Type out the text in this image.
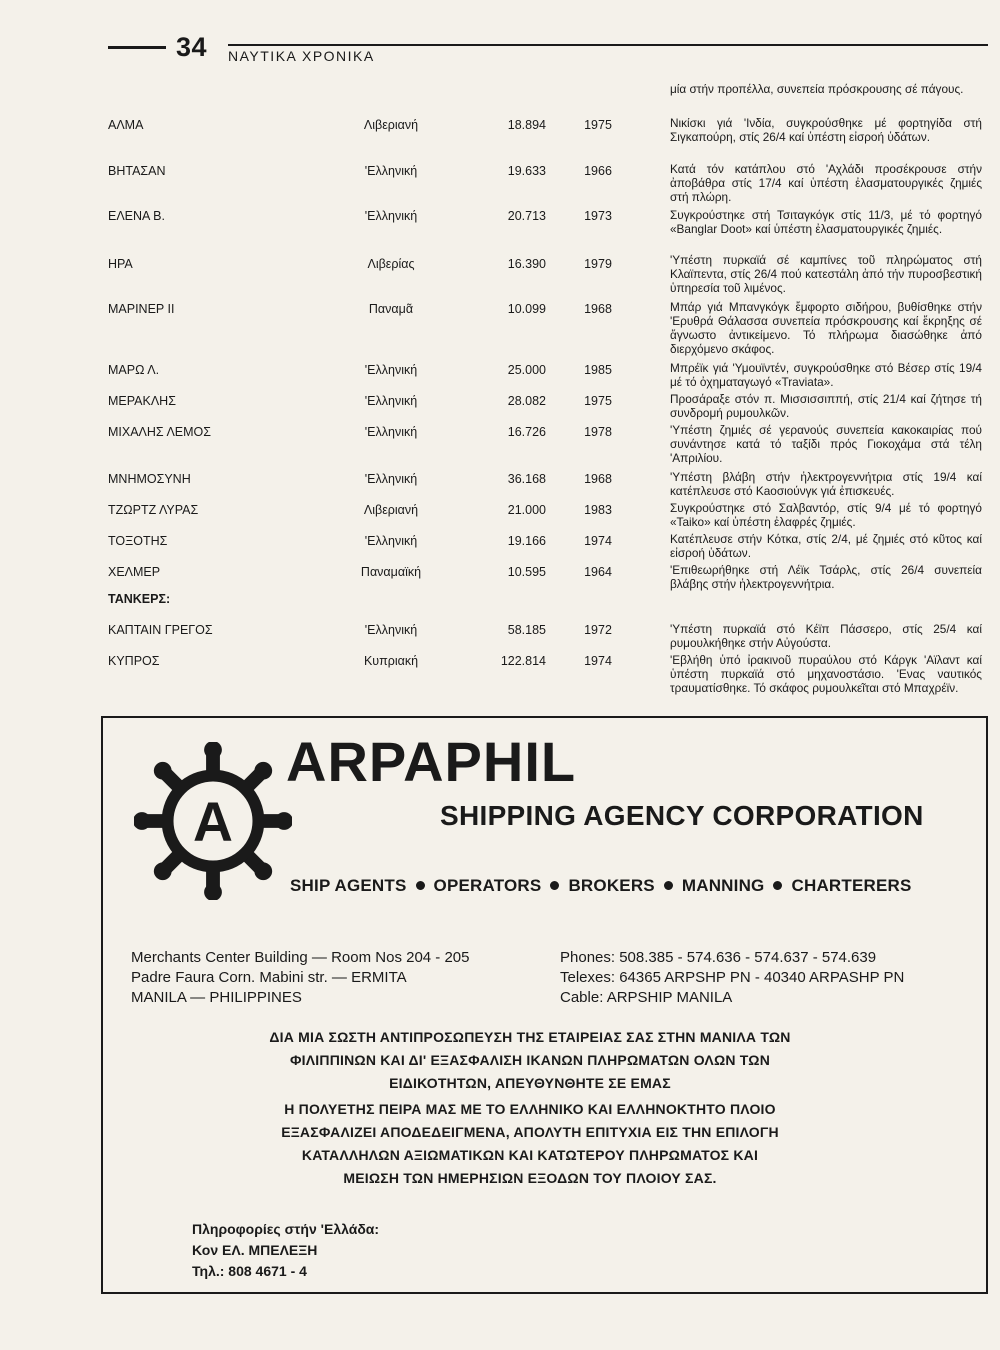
34 ΝΑΥΤΙΚΑ ΧΡΟΝΙΚΑ
μία στήν προπέλλα, συνεπεία πρόσκρουσης σέ πάγους.
ΑΛΜΑ	Λιβεριανή	18.894	1975	Νικίσκι γιά 'Ινδία, συγκρούσθηκε μέ φορτηγίδα στή Σιγκαπούρη, στίς 26/4 καί ὑπέστη εἰσροή ὑδάτων.
ΒΗΤΑΣΑΝ	'Ελληνική	19.633	1966	Κατά τόν κατάπλου στό 'Αχλάδι προσέκρουσε στήν ἀποβάθρα στίς 17/4 καί ὑπέστη ἐλασματουργικές ζημιές στή πλώρη.
ΕΛΕΝΑ Β.	'Ελληνική	20.713	1973	Συγκρούστηκε στή Τσιταγκόγκ στίς 11/3, μέ τό φορτηγό «Banglar Doot» καί ὑπέστη ἐλασματουργικές ζημιές.
ΗΡΑ	Λιβερίας	16.390	1979	'Υπέστη πυρκαϊά σέ καμπίνες τοῦ πληρώματος στή Κλαϊπεντα, στίς 26/4 πού κατεστάλη ἀπό τήν πυροσβεστική ὑπηρεσία τοῦ λιμένος.
ΜΑΡΙΝΕΡ ΙΙ	Παναμᾶ	10.099	1968	Μπάρ γιά Μπανγκόγκ ἔμφορτο σιδήρου, βυθίσθηκε στήν 'Ερυθρά Θάλασσα συνεπεία πρόσκρουσης καί ἔκρηξης σέ ἄγνωστο ἀντικείμενο. Τό πλήρωμα διασώθηκε ἀπό διερχόμενο σκάφος.
ΜΑΡΩ Λ.	'Ελληνική	25.000	1985	Μπρέϊκ γιά 'Υμουϊντέν, συγκρούσθηκε στό Βέσερ στίς 19/4 μέ τό ὀχηματαγωγό «Traviata».
ΜΕΡΑΚΛΗΣ	'Ελληνική	28.082	1975	Προσάραξε στόν π. Μισσισσιππή, στίς 21/4 καί ζήτησε τή συνδρομή ρυμουλκῶν.
ΜΙΧΑΛΗΣ ΛΕΜΟΣ	'Ελληνική	16.726	1978	'Υπέστη ζημιές σέ γερανούς συνεπεία κακοκαιρίας πού συνάντησε κατά τό ταξίδι πρός Γιοκοχάμα στά τέλη 'Απριλίου.
ΜΝΗΜΟΣΥΝΗ	'Ελληνική	36.168	1968	'Υπέστη βλάβη στήν ἠλεκτρογεννήτρια στίς 19/4 καί κατέπλευσε στό Κaοσιούνγκ γιά ἐπισκευές.
ΤΖΩΡΤΖ ΛΥΡΑΣ	Λιβεριανή	21.000	1983	Συγκρούστηκε στό Σαλβαντόρ, στίς 9/4 μέ τό φορτηγό «Taiko» καί ὑπέστη ἐλαφρές ζημιές.
ΤΟΞΟΤΗΣ	'Ελληνική	19.166	1974	Κατέπλευσε στήν Κότκα, στίς 2/4, μέ ζημιές στό κῦτος καί εἰσροή ὑδάτων.
ΧΕΛΜΕΡ	Παναμαϊκή	10.595	1964	'Επιθεωρήθηκε στή Λέϊκ Τσάρλς, στίς 26/4 συνεπεία βλάβης στήν ἠλεκτρογεννήτρια.
ΤΑΝΚΕΡΣ:
ΚΑΠΤΑΙΝ ΓΡΕΓΟΣ	'Ελληνική	58.185	1972	'Υπέστη πυρκαϊά στό Κέϊπ Πάσσερο, στίς 25/4 καί ρυμουλκήθηκε στήν Αὐγούστα.
ΚΥΠΡΟΣ	Κυπριακή	122.814	1974	'Εβλήθη ὑπό ἰρακινοῦ πυραύλου στό Κάργκ 'Αϊλαντ καί ὑπέστη πυρκαϊά στό μηχανοστάσιο. 'Ενας ναυτικός τραυματίσθηκε. Τό σκάφος ρυμουλκεῖται στό Μπαχρέϊν.
A
ARPAPHIL
SHIPPING AGENCY CORPORATION
SHIP AGENTS OPERATORS BROKERS MANNING CHARTERERS
Merchants Center Building — Room Nos 204 - 205
Padre Faura Corn. Mabini str. — ERMITA
MANILA — PHILIPPINES
Phones: 508.385 - 574.636 - 574.637 - 574.639
Telexes: 64365 ARPSHP PN - 40340 ARPASHP PN
Cable: ARPSHIP MANILA
ΔΙΑ ΜΙΑ ΣΩΣΤΗ ΑΝΤΙΠΡΟΣΩΠΕΥΣΗ ΤΗΣ ΕΤΑΙΡΕΙΑΣ ΣΑΣ ΣΤΗΝ ΜΑΝΙΛΑ ΤΩΝ
ΦΙΛΙΠΠΙΝΩΝ ΚΑΙ ΔΙ' ΕΞΑΣΦΑΛΙΣΗ ΙΚΑΝΩΝ ΠΛΗΡΩΜΑΤΩΝ ΟΛΩΝ ΤΩΝ
ΕΙΔΙΚΟΤΗΤΩΝ, ΑΠΕΥΘΥΝΘΗΤΕ ΣΕ ΕΜΑΣ
Η ΠΟΛΥΕΤΗΣ ΠΕΙΡΑ ΜΑΣ ΜΕ ΤΟ ΕΛΛΗΝΙΚΟ ΚΑΙ ΕΛΛΗΝΟΚΤΗΤΟ ΠΛΟΙΟ
ΕΞΑΣΦΑΛΙΖΕΙ ΑΠΟΔΕΔΕΙΓΜΕΝΑ, ΑΠΟΛΥΤΗ ΕΠΙΤΥΧΙΑ ΕΙΣ ΤΗΝ ΕΠΙΛΟΓΗ
ΚΑΤΑΛΛΗΛΩΝ ΑΞΙΩΜΑΤΙΚΩΝ ΚΑΙ ΚΑΤΩΤΕΡΟΥ ΠΛΗΡΩΜΑΤΟΣ ΚΑΙ
ΜΕΙΩΣΗ ΤΩΝ ΗΜΕΡΗΣΙΩΝ ΕΞΟΔΩΝ ΤΟΥ ΠΛΟΙΟΥ ΣΑΣ.
Πληροφορίες στήν 'Ελλάδα:
Κον ΕΛ. ΜΠΕΛΕΞΗ
Τηλ.: 808 4671 - 4
